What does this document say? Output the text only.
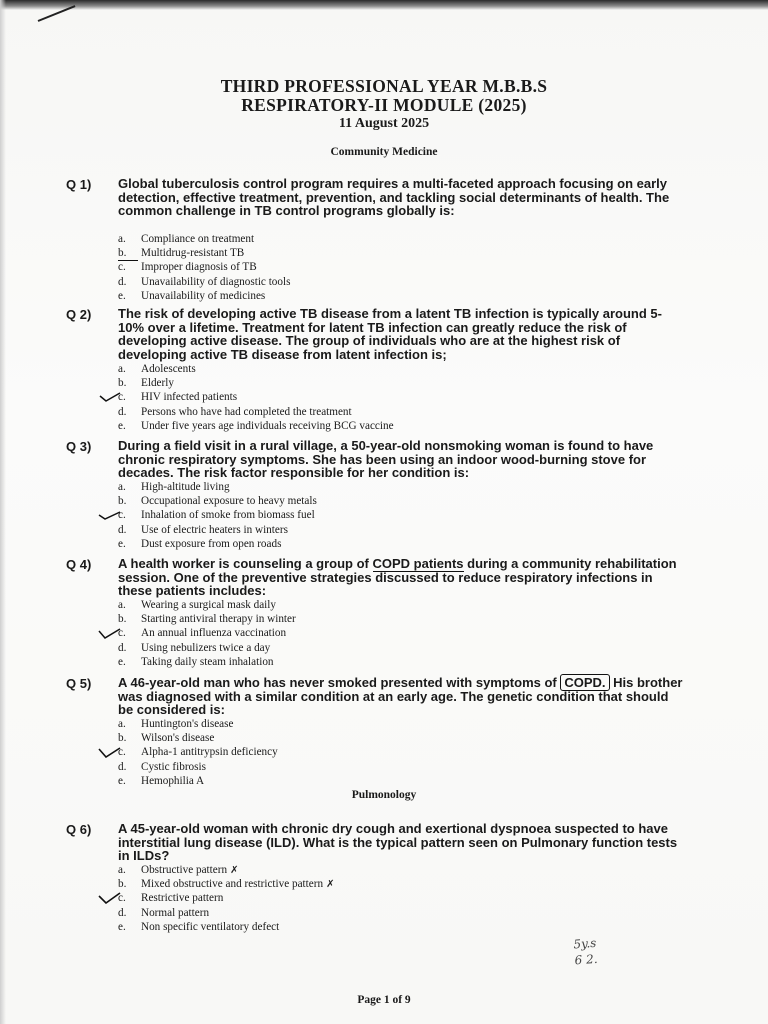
THIRD PROFESSIONAL YEAR M.B.B.S
RESPIRATORY-II MODULE (2025)
11 August 2025
Community Medicine
Q 1) Global tuberculosis control program requires a multi-faceted approach focusing on early detection, effective treatment, prevention, and tackling social determinants of health. The common challenge in TB control programs globally is:
a.	Compliance on treatment
b.	Multidrug-resistant TB
c.	Improper diagnosis of TB
d.	Unavailability of diagnostic tools
e.	Unavailability of medicines
Q 2) The risk of developing active TB disease from a latent TB infection is typically around 5-10% over a lifetime. Treatment for latent TB infection can greatly reduce the risk of developing active disease. The group of individuals who are at the highest risk of developing active TB disease from latent infection is;
a.	Adolescents
b.	Elderly
c.	HIV infected patients
d.	Persons who have had completed the treatment
e.	Under five years age individuals receiving BCG vaccine
Q 3) During a field visit in a rural village, a 50-year-old nonsmoking woman is found to have chronic respiratory symptoms. She has been using an indoor wood-burning stove for decades. The risk factor responsible for her condition is:
a.	High-altitude living
b.	Occupational exposure to heavy metals
c.	Inhalation of smoke from biomass fuel
d.	Use of electric heaters in winters
e.	Dust exposure from open roads
Q 4) A health worker is counseling a group of COPD patients during a community rehabilitation session. One of the preventive strategies discussed to reduce respiratory infections in these patients includes:
a.	Wearing a surgical mask daily
b.	Starting antiviral therapy in winter
c.	An annual influenza vaccination
d.	Using nebulizers twice a day
e.	Taking daily steam inhalation
Q 5) A 46-year-old man who has never smoked presented with symptoms of COPD. His brother was diagnosed with a similar condition at an early age. The genetic condition that should be considered is:
a.	Huntington's disease
b.	Wilson's disease
c.	Alpha-1 antitrypsin deficiency
d.	Cystic fibrosis
e.	Hemophilia A
Pulmonology
Q 6) A 45-year-old woman with chronic dry cough and exertional dyspnoea suspected to have interstitial lung disease (ILD). What is the typical pattern seen on Pulmonary function tests in ILDs?
a.	Obstructive pattern ✗
b.	Mixed obstructive and restrictive pattern ✗
c.	Restrictive pattern
d.	Normal pattern
e.	Non specific ventilatory defect
5y.s
6 2.
Page 1 of 9
